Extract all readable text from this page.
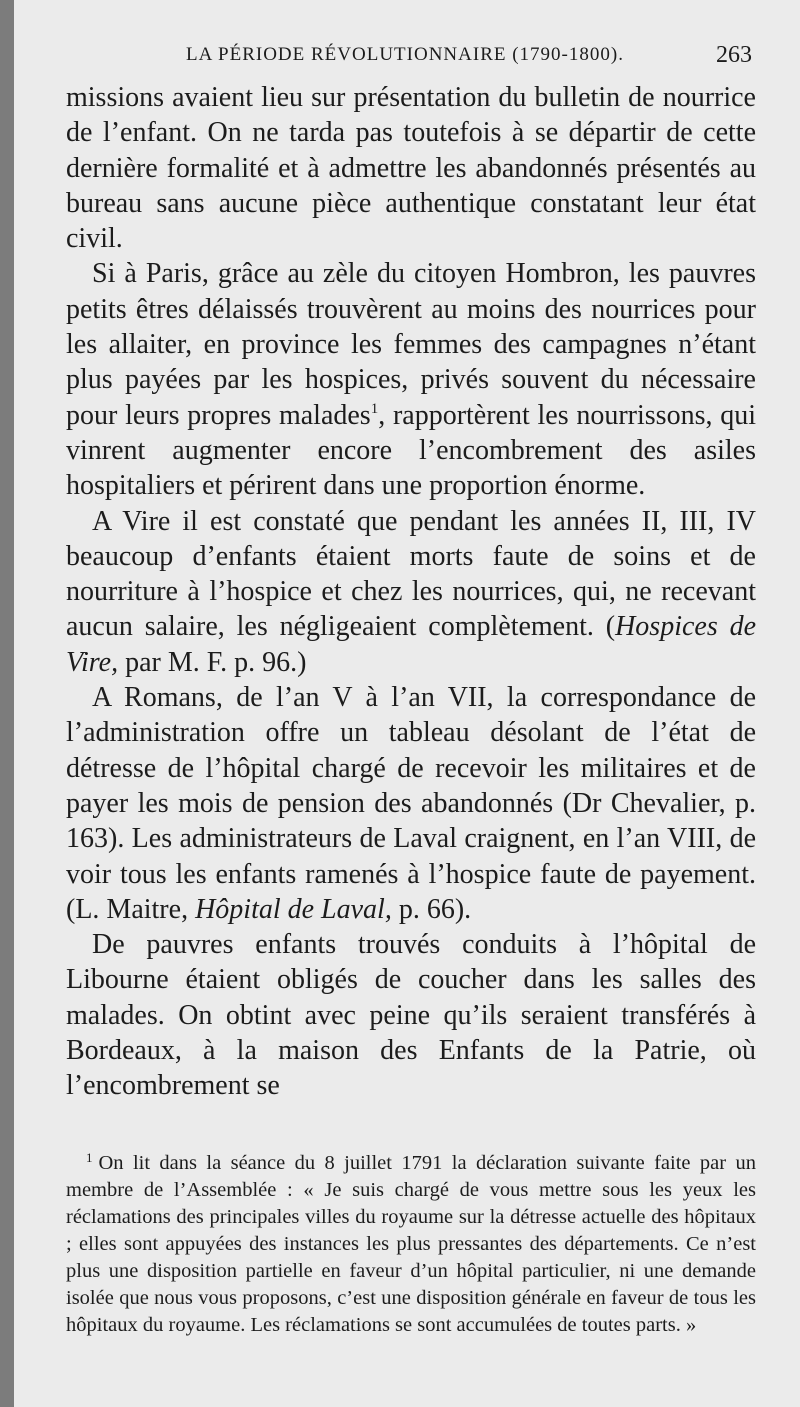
LA PÉRIODE RÉVOLUTIONNAIRE (1790-1800).	263

missions avaient lieu sur présentation du bulletin de nourrice de l’enfant. On ne tarda pas toutefois à se départir de cette dernière formalité et à admettre les abandonnés présentés au bureau sans aucune pièce authentique constatant leur état civil.

Si à Paris, grâce au zèle du citoyen Hombron, les pauvres petits êtres délaissés trouvèrent au moins des nourrices pour les allaiter, en province les femmes des campagnes n’étant plus payées par les hospices, privés souvent du nécessaire pour leurs propres malades$^1$, rapportèrent les nourrissons, qui vinrent augmenter encore l’encombrement des asiles hospitaliers et périrent dans une proportion énorme.

A Vire il est constaté que pendant les années II, III, IV beaucoup d’enfants étaient morts faute de soins et de nourriture à l’hospice et chez les nourrices, qui, ne recevant aucun salaire, les négligeaient complètement. (Hospices de Vire, par M. F. p. 96.)

A Romans, de l’an V à l’an VII, la correspondance de l’administration offre un tableau désolant de l’état de détresse de l’hôpital chargé de recevoir les militaires et de payer les mois de pension des abandonnés (Dr Chevalier, p. 163). Les administrateurs de Laval craignent, en l’an VIII, de voir tous les enfants ramenés à l’hospice faute de payement. (L. Maitre, Hôpital de Laval, p. 66).

De pauvres enfants trouvés conduits à l’hôpital de Libourne étaient obligés de coucher dans les salles des malades. On obtint avec peine qu’ils seraient transférés à Bordeaux, à la maison des Enfants de la Patrie, où l’encombrement se

$^1$ On lit dans la séance du 8 juillet 1791 la déclaration suivante faite par un membre de l’Assemblée : « Je suis chargé de vous mettre sous les yeux les réclamations des principales villes du royaume sur la détresse actuelle des hôpitaux ; elles sont appuyées des instances les plus pressantes des départements. Ce n’est plus une disposition partielle en faveur d’un hôpital particulier, ni une demande isolée que nous vous proposons, c’est une disposition générale en faveur de tous les hôpitaux du royaume. Les réclamations se sont accumulées de toutes parts. »
